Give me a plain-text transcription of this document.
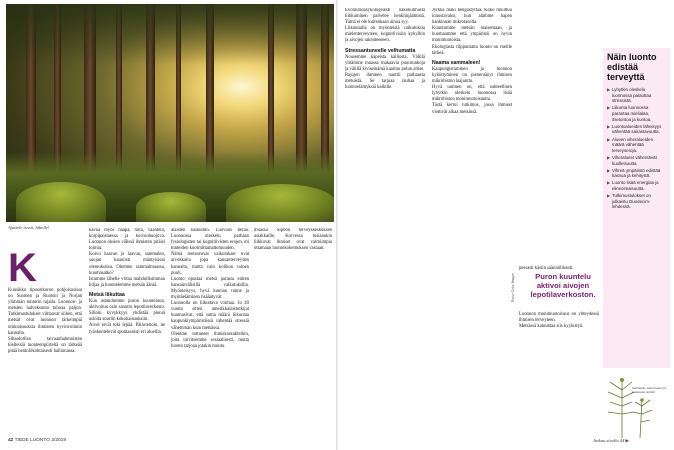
Ajattele isosti, lähelle!
K

Kuusikko tiposotkoron pohjoisosissa on Suomen ja Ruotsin ja Norjan ylimmän tunturin rajalla. Luonnon- ja metsien halveksunta tuhoaa paljon. Tutkimustulokset viittaavat siihen, että metsät ovat luonnon tärkeimpiä ominaisuuksia ihmisten hyvinvoinnin kannalta.

Siltaolotilan taivaanhahmoisten kielteisiä luonteenpiirteitä on tärkeää pitää henkilökohtaisesti hallinnassa.

kavua myös haapa, raita, vaahtera, korpipaistaessa ja koivunhuojuva. Luonnon oksien välissä ihmisten pitäisi toimia.

Koivu haavan ja laavun, sammalen, suojan kauniisti mäntyisissä olemuksissa. Olemme sammalmaassa, huomasatko?

Istumme lähelle virtaa mahdollisimman hiljaa ja kuuntelemme metsän ääniä.

Metsä liikuttaa

Kun astaudumme puron kuunteluun, aktivoituu osin sanottu lepotilaverkosto. Silloin kyvykkyys yhdistää pieniä asioita suuriin kokonaisuuksiin.

Aivot eivät toki lepää. Päinvastoin, ne työskentelevät spontaanisti eri alueilla.

alaisten kaikuihin. Luovuus herää. Luonnossa oleskelu parhaan fysiologisten tai kognitiivisten erojen, eli tunteiden kuormittamattomuuden.

Nämä rentoutuvat vaikutukset ovat arvokkaita jopa kansanterveyden kannalta, mutta vain kolikon toinen puoli.

Luonto opastaa metsä parasta eniten kansainvälisillä vaikutuksilla. Myönteisyys, hyvä kunnon tunne ja myötäeläminen lisääntyvät.

Luonnolla on liikuttava voimaa. Jo 40 vuotta sitten amerikkalaistutkijat huomasivat, että sama määrä liikuntaa kaupunkiympäristössä vähentää stressiä vähemmän kuin metsässä.

Olemme tottuneet ihmiskontakteihin, joita tarvitsemme sosiaalisesti, mutta luonto tarjoaa jotakin muuta.

muassa Sipoon terveyskeskuksen asiakkaille. Korvessa tosiaankin liikkuvat ihmiset ovat valmiimpia ottamaan luontokokemuksen vastaan.

Evoluutiopsykologisesti näkökulmasta liikkuminen palvelee henkiinjäämistä. Tämä ei ole kuitenkaan ainoa syy.

Liikunnalla on myönteisiä vaikutuksia mielenterveyteen, kognitiivisiin kykyihin ja aivojen rakenteeseen.

Stressantuneelle velhumatta

Nousemme kapeista kalliosta. Välillä ylitämme maassa makaavia puunrunkoja ja välillä kiviseinämä kaartuu polun alitse.

Rajojen ihminen nauttii parhaasta metsästä. Se tarjoaa rauhaa ja luontoelämyksiä kaikille.

Jyrkkä mäki hengästyttää. Koko muuttuu innostavaksi, kun alamme hapen hankinnan mikrotasolta.

Kuuntumme metsän maisemaan, ja huomaamme että ympäristö on hyvin monimuotoista.

Ekologiasta riippumatta luonto on meille tärkeä.

Naama sammaleen!

Kaupungistuminen ja luonnon kyköttyminen on pienentänyt ihmisen mikrobiston laajuutta.

Hyvä uutinen on, että suhteellisen lyhytkin oleskelu luonnossa lisää mikrobiston monimuotoisuutta.

Tästä kertoi tutkimus, jossa ihmiset viettivät aikaa metsässä.

pessasti käsiin säännöllisesti.

Luonnon monimuotoisuus on yhteydessä ihmisen terveyteen.

Metsässä kannattaa siis kyykistyä.

Puron kuuntelu aktivoi aivojen lepotilaverkoston.
Kuva: Getty Images
Näin luonto edistää terveyttä
▶ Lyhytkin oleskelu luonnossa palauttaa stressistä.
▶ Liikunta luonnossa parantaa mielialaa, itsetuntoa ja kuntoa.
▶ Luontoalueiden läheisyys vähentää sairastavuutta.
▶ Alueen viheralueiden määrä vähentää terveyseroja.
▶ Viheralueet vähentävät kuolleisuutta.
▶ Vihreä ympäristö edistää kasvua ja kehitystä.
▶ Luonto lisää energiaa ja elinvoimaisuutta.
▶ Tutkimustulokset on julkaistu Duodecim-lehdessä.
Sammalet, kuten kuusi ja tuoksuvat metsät
42 TIEDE LUONTO 2/2019	Jatkuu sivulla 44 ▶
